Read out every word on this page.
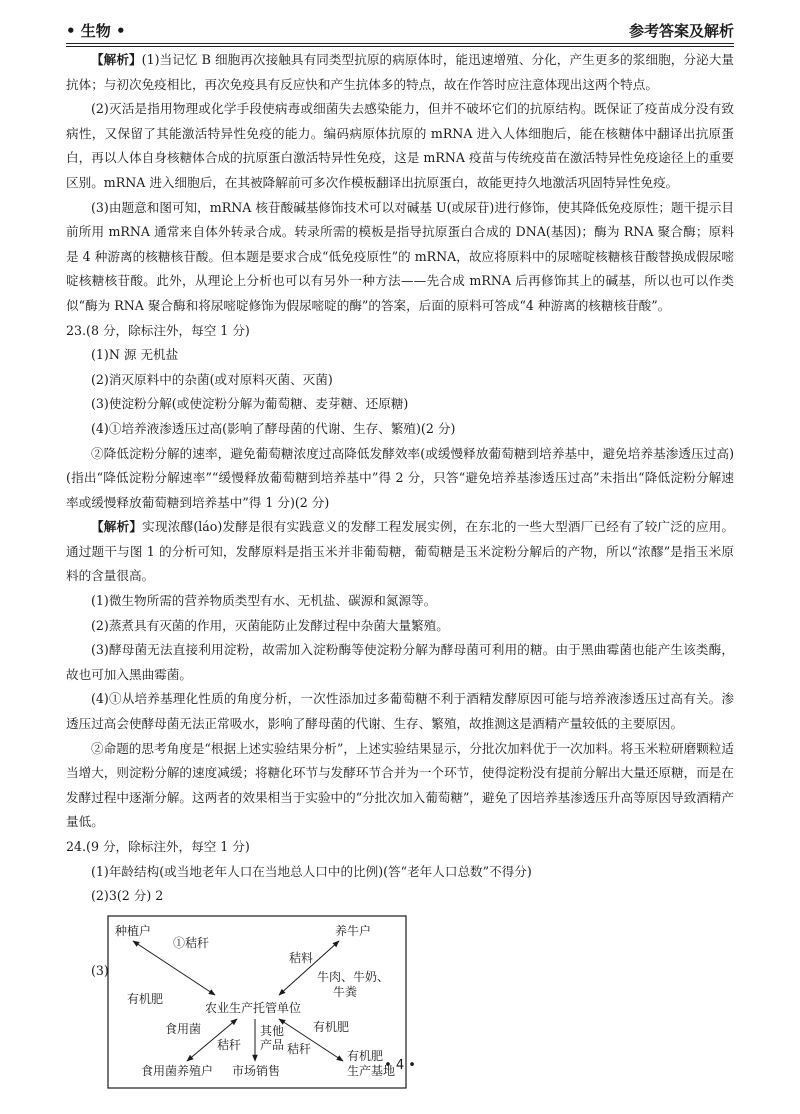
• 生物 •	参考答案及解析

【解析】(1)当记忆 B 细胞再次接触具有同类型抗原的病原体时，能迅速增殖、分化，产生更多的浆细胞，分泌大量抗体；与初次免疫相比，再次免疫具有反应快和产生抗体多的特点，故在作答时应注意体现出这两个特点。

(2)灭活是指用物理或化学手段使病毒或细菌失去感染能力，但并不破坏它们的抗原结构。既保证了疫苗成分没有致病性，又保留了其能激活特异性免疫的能力。编码病原体抗原的 mRNA 进入人体细胞后，能在核糖体中翻译出抗原蛋白，再以人体自身核糖体合成的抗原蛋白激活特异性免疫，这是 mRNA 疫苗与传统疫苗在激活特异性免疫途径上的重要区别。mRNA 进入细胞后，在其被降解前可多次作模板翻译出抗原蛋白，故能更持久地激活巩固特异性免疫。

(3)由题意和图可知，mRNA 核苷酸碱基修饰技术可以对碱基 U(或尿苷)进行修饰，使其降低免疫原性；题干提示目前所用 mRNA 通常来自体外转录合成。转录所需的模板是指导抗原蛋白合成的 DNA(基因)；酶为 RNA 聚合酶；原料是 4 种游离的核糖核苷酸。但本题是要求合成“低免疫原性”的 mRNA，故应将原料中的尿嘧啶核糖核苷酸替换成假尿嘧啶核糖核苷酸。此外，从理论上分析也可以有另外一种方法——先合成 mRNA 后再修饰其上的碱基，所以也可以作类似“酶为 RNA 聚合酶和将尿嘧啶修饰为假尿嘧啶的酶”的答案，后面的原料可答成“4 种游离的核糖核苷酸”。

23.(8 分，除标注外，每空 1 分)

(1)N 源 无机盐

(2)消灭原料中的杂菌(或对原料灭菌、灭菌)

(3)使淀粉分解(或使淀粉分解为葡萄糖、麦芽糖、还原糖)

(4)①培养液渗透压过高(影响了酵母菌的代谢、生存、繁殖)(2 分)

②降低淀粉分解的速率，避免葡萄糖浓度过高降低发酵效率(或缓慢释放葡萄糖到培养基中，避免培养基渗透压过高)(指出“降低淀粉分解速率”“缓慢释放葡萄糖到培养基中”得 2 分，只答“避免培养基渗透压过高”未指出“降低淀粉分解速率或缓慢释放葡萄糖到培养基中”得 1 分)(2 分)

【解析】实现浓醪(láo)发酵是很有实践意义的发酵工程发展实例，在东北的一些大型酒厂已经有了较广泛的应用。通过题干与图 1 的分析可知，发酵原料是指玉米并非葡萄糖，葡萄糖是玉米淀粉分解后的产物，所以“浓醪”是指玉米原料的含量很高。

(1)微生物所需的营养物质类型有水、无机盐、碳源和氮源等。

(2)蒸煮具有灭菌的作用，灭菌能防止发酵过程中杂菌大量繁殖。

(3)酵母菌无法直接利用淀粉，故需加入淀粉酶等使淀粉分解为酵母菌可利用的糖。由于黑曲霉菌也能产生该类酶，故也可加入黑曲霉菌。

(4)①从培养基理化性质的角度分析，一次性添加过多葡萄糖不利于酒精发酵原因可能与培养液渗透压过高有关。渗透压过高会使酵母菌无法正常吸水，影响了酵母菌的代谢、生存、繁殖，故推测这是酒精产量较低的主要原因。

②命题的思考角度是“根据上述实验结果分析”，上述实验结果显示，分批次加料优于一次加料。将玉米粒研磨颗粒适当增大，则淀粉分解的速度减缓；将糖化环节与发酵环节合并为一个环节，使得淀粉没有提前分解出大量还原糖，而是在发酵过程中逐渐分解。这两者的效果相当于实验中的“分批次加入葡萄糖”，避免了因培养基渗透压升高等原因导致酒精产量低。

24.(9 分，除标注外，每空 1 分)

(1)年龄结构(或当地老年人口在当地总人口中的比例)(答“老年人口总数”不得分)

(2)3(2 分) 2

(3)
种植户	养牛户
农业生产托管单位
食用菌养殖户 市场销售
有机肥
生产基地
①秸秆
有机肥
秸料
牛肉、牛奶、
牛粪
食用菌
秸秆
其他
产品
有机肥
秸秆
• 4 •
